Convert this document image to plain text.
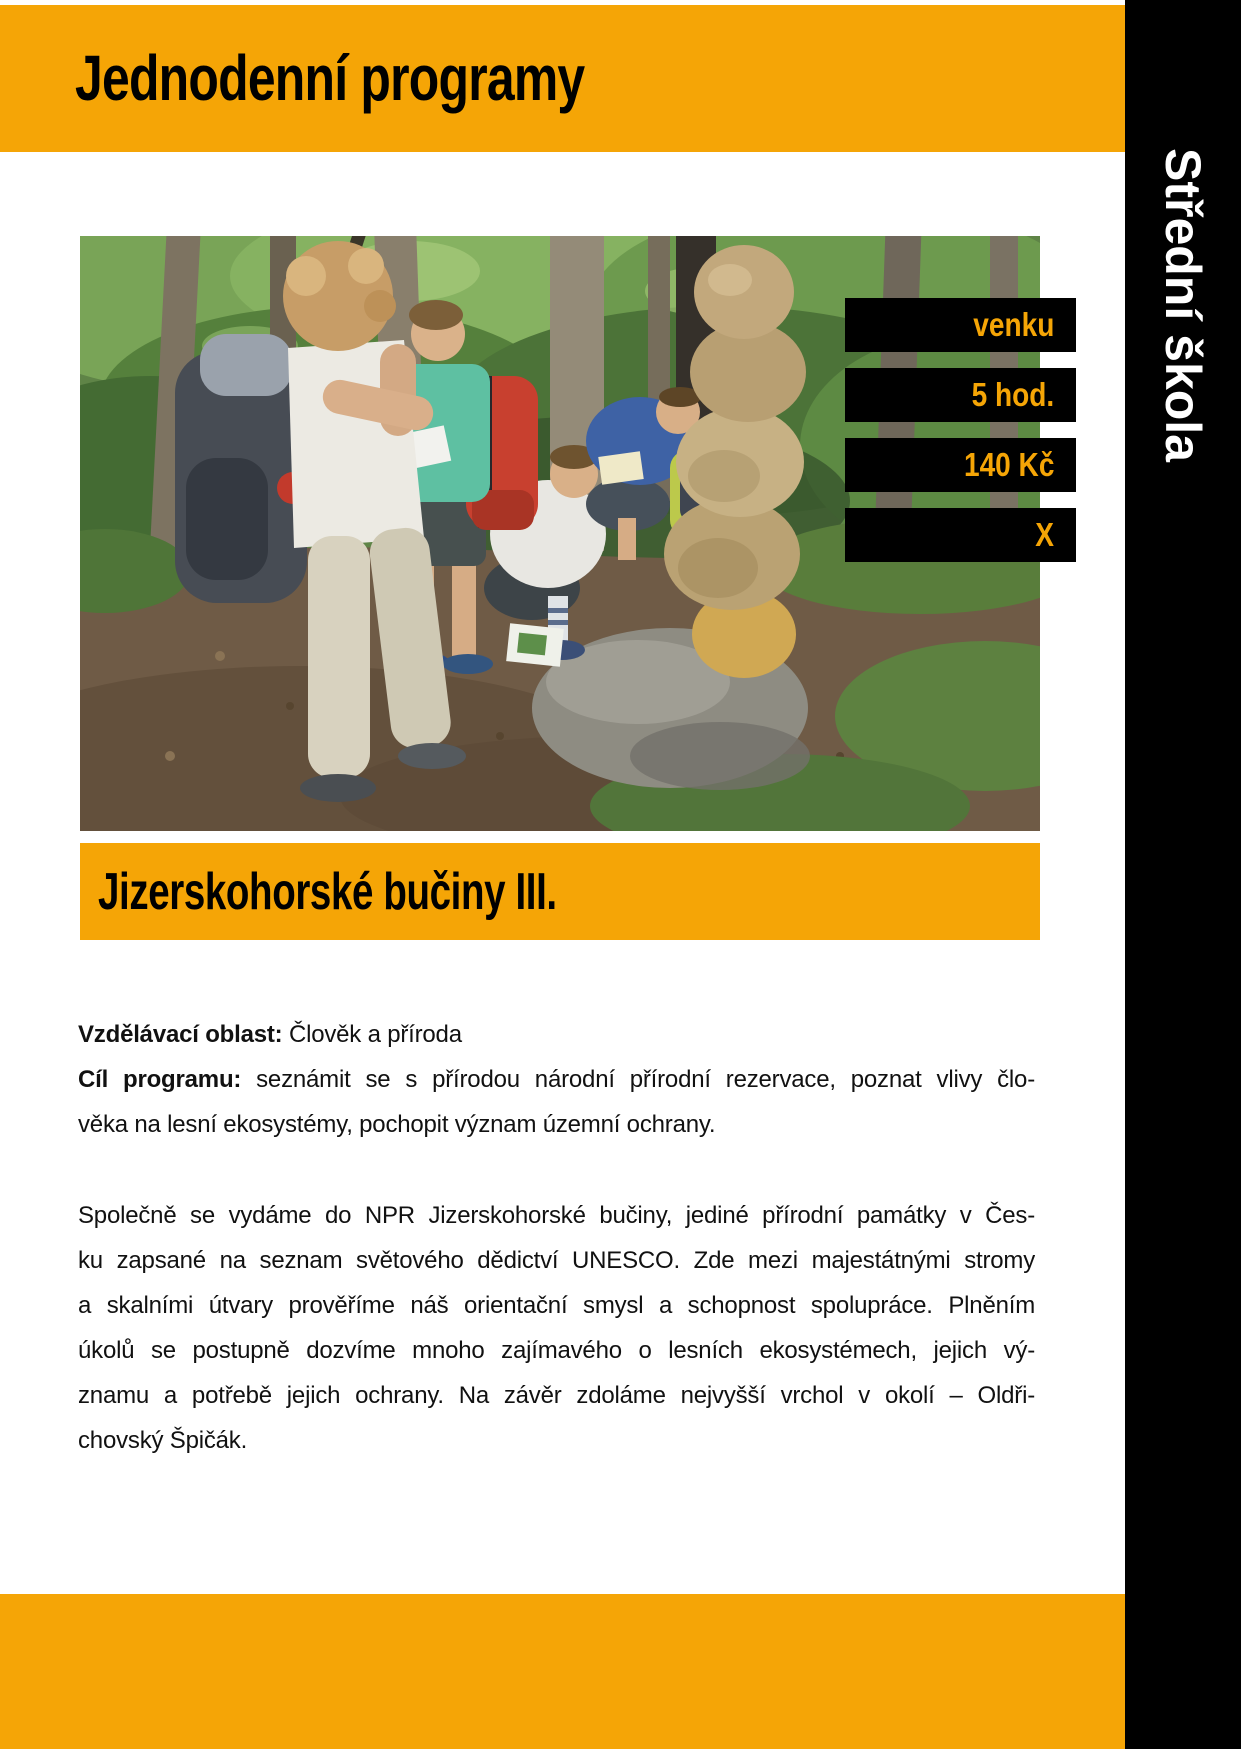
Jednodenní programy
Střední škola
venku
5 hod.
140 Kč
X
Jizerskohorské bučiny III.
Vzdělávací oblast: Člověk a příroda
Cíl programu: seznámit se s přírodou národní přírodní rezervace, poznat vlivy člo-
věka na lesní ekosystémy, pochopit význam územní ochrany.
Společně se vydáme do NPR Jizerskohorské bučiny, jediné přírodní památky v Čes-
ku zapsané na seznam světového dědictví UNESCO. Zde mezi majestátnými stromy
a skalními útvary prověříme náš orientační smysl a schopnost spolupráce. Plněním
úkolů se postupně dozvíme mnoho zajímavého o lesních ekosystémech, jejich vý-
znamu a potřebě jejich ochrany. Na závěr zdoláme nejvyšší vrchol v okolí – Oldři-
chovský Špičák.
